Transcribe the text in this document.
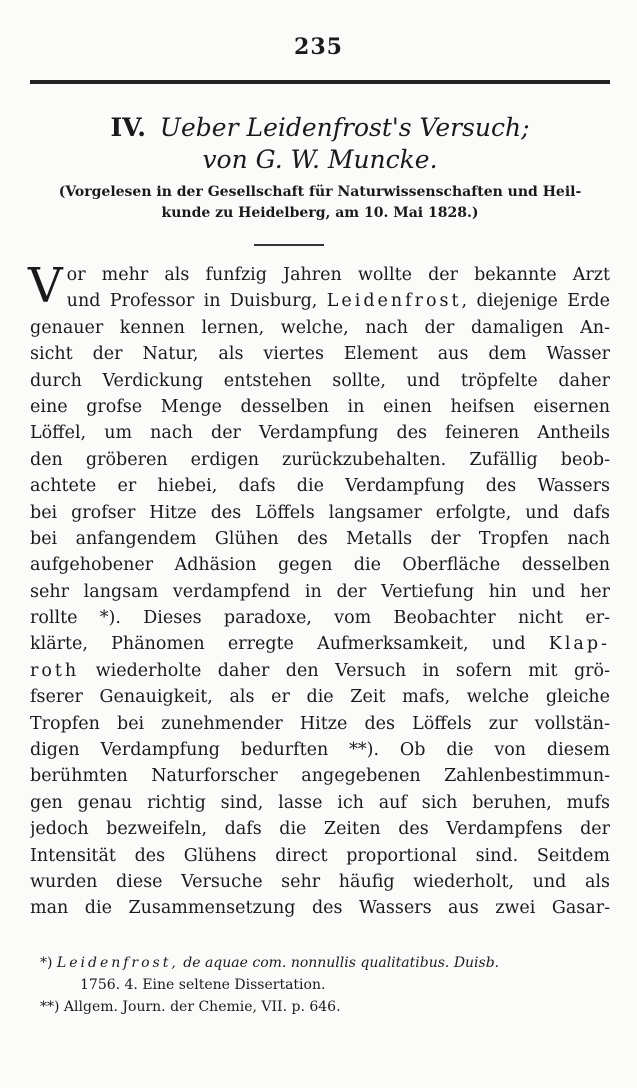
235
IV. Ueber Leidenfrost's Versuch;
von G. W. Muncke.
(Vorgelesen in der Gesellschaft für Naturwissenschaften und Heil-
kunde zu Heidelberg, am 10. Mai 1828.)
V or mehr als funfzig Jahren wollte der bekannte Arzt
und Professor in Duisburg, Leidenfrost, diejenige Erde
genauer kennen lernen, welche, nach der damaligen An-
sicht der Natur, als viertes Element aus dem Wasser
durch Verdickung entstehen sollte, und tröpfelte daher
eine grofse Menge desselben in einen heifsen eisernen
Löffel, um nach der Verdampfung des feineren Antheils
den gröberen erdigen zurückzubehalten. Zufällig beob-
achtete er hiebei, dafs die Verdampfung des Wassers
bei grofser Hitze des Löffels langsamer erfolgte, und dafs
bei anfangendem Glühen des Metalls der Tropfen nach
aufgehobener Adhäsion gegen die Oberfläche desselben
sehr langsam verdampfend in der Vertiefung hin und her
rollte *). Dieses paradoxe, vom Beobachter nicht er-
klärte, Phänomen erregte Aufmerksamkeit, und Klap-
roth wiederholte daher den Versuch in sofern mit grö-
fserer Genauigkeit, als er die Zeit mafs, welche gleiche
Tropfen bei zunehmender Hitze des Löffels zur vollstän-
digen Verdampfung bedurften **). Ob die von diesem
berühmten Naturforscher angegebenen Zahlenbestimmun-
gen genau richtig sind, lasse ich auf sich beruhen, mufs
jedoch bezweifeln, dafs die Zeiten des Verdampfens der
Intensität des Glühens direct proportional sind. Seitdem
wurden diese Versuche sehr häufig wiederholt, und als
man die Zusammensetzung des Wassers aus zwei Gasar-
*) Leidenfrost, de aquae com. nonnullis qualitatibus. Duisb.
1756. 4. Eine seltene Dissertation.
**) Allgem. Journ. der Chemie, VII. p. 646.
